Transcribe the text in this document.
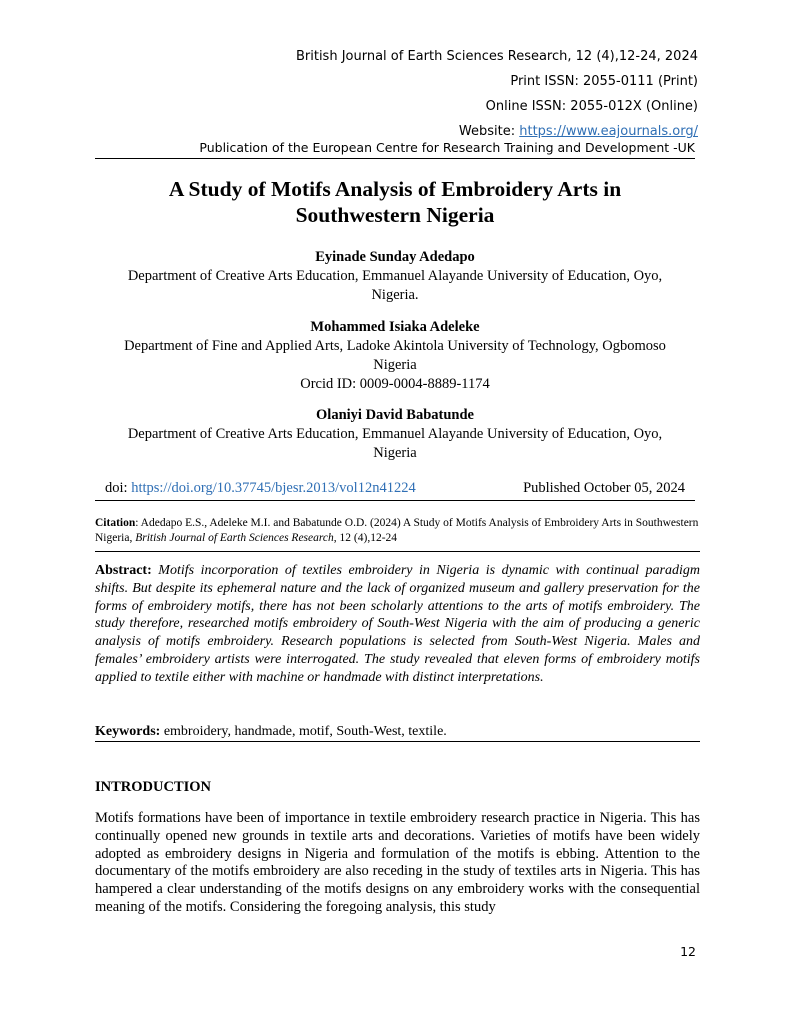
British Journal of Earth Sciences Research, 12 (4),12-24, 2024
Print ISSN: 2055-0111 (Print)
Online ISSN: 2055-012X (Online)
Website: https://www.eajournals.org/
Publication of the European Centre for Research Training and Development -UK
A Study of Motifs Analysis of Embroidery Arts in
Southwestern Nigeria
Eyinade Sunday Adedapo
Department of Creative Arts Education, Emmanuel Alayande University of Education, Oyo,
Nigeria.
Mohammed Isiaka Adeleke
Department of Fine and Applied Arts, Ladoke Akintola University of Technology, Ogbomoso
Nigeria
Orcid ID: 0009-0004-8889-1174
Olaniyi David Babatunde
Department of Creative Arts Education, Emmanuel Alayande University of Education, Oyo,
Nigeria
doi: https://doi.org/10.37745/bjesr.2013/vol12n41224	Published October 05, 2024
Citation: Adedapo E.S., Adeleke M.I. and Babatunde O.D. (2024) A Study of Motifs Analysis of Embroidery Arts in Southwestern Nigeria, British Journal of Earth Sciences Research, 12 (4),12-24
Abstract: Motifs incorporation of textiles embroidery in Nigeria is dynamic with continual paradigm shifts. But despite its ephemeral nature and the lack of organized museum and gallery preservation for the forms of embroidery motifs, there has not been scholarly attentions to the arts of motifs embroidery. The study therefore, researched motifs embroidery of South-West Nigeria with the aim of producing a generic analysis of motifs embroidery. Research populations is selected from South-West Nigeria. Males and females’ embroidery artists were interrogated. The study revealed that eleven forms of embroidery motifs applied to textile either with machine or handmade with distinct interpretations.
Keywords: embroidery, handmade, motif, South-West, textile.
INTRODUCTION
Motifs formations have been of importance in textile embroidery research practice in Nigeria. This has continually opened new grounds in textile arts and decorations. Varieties of motifs have been widely adopted as embroidery designs in Nigeria and formulation of the motifs is ebbing. Attention to the documentary of the motifs embroidery are also receding in the study of textiles arts in Nigeria. This has hampered a clear understanding of the motifs designs on any embroidery works with the consequential meaning of the motifs. Considering the foregoing analysis, this study
12
